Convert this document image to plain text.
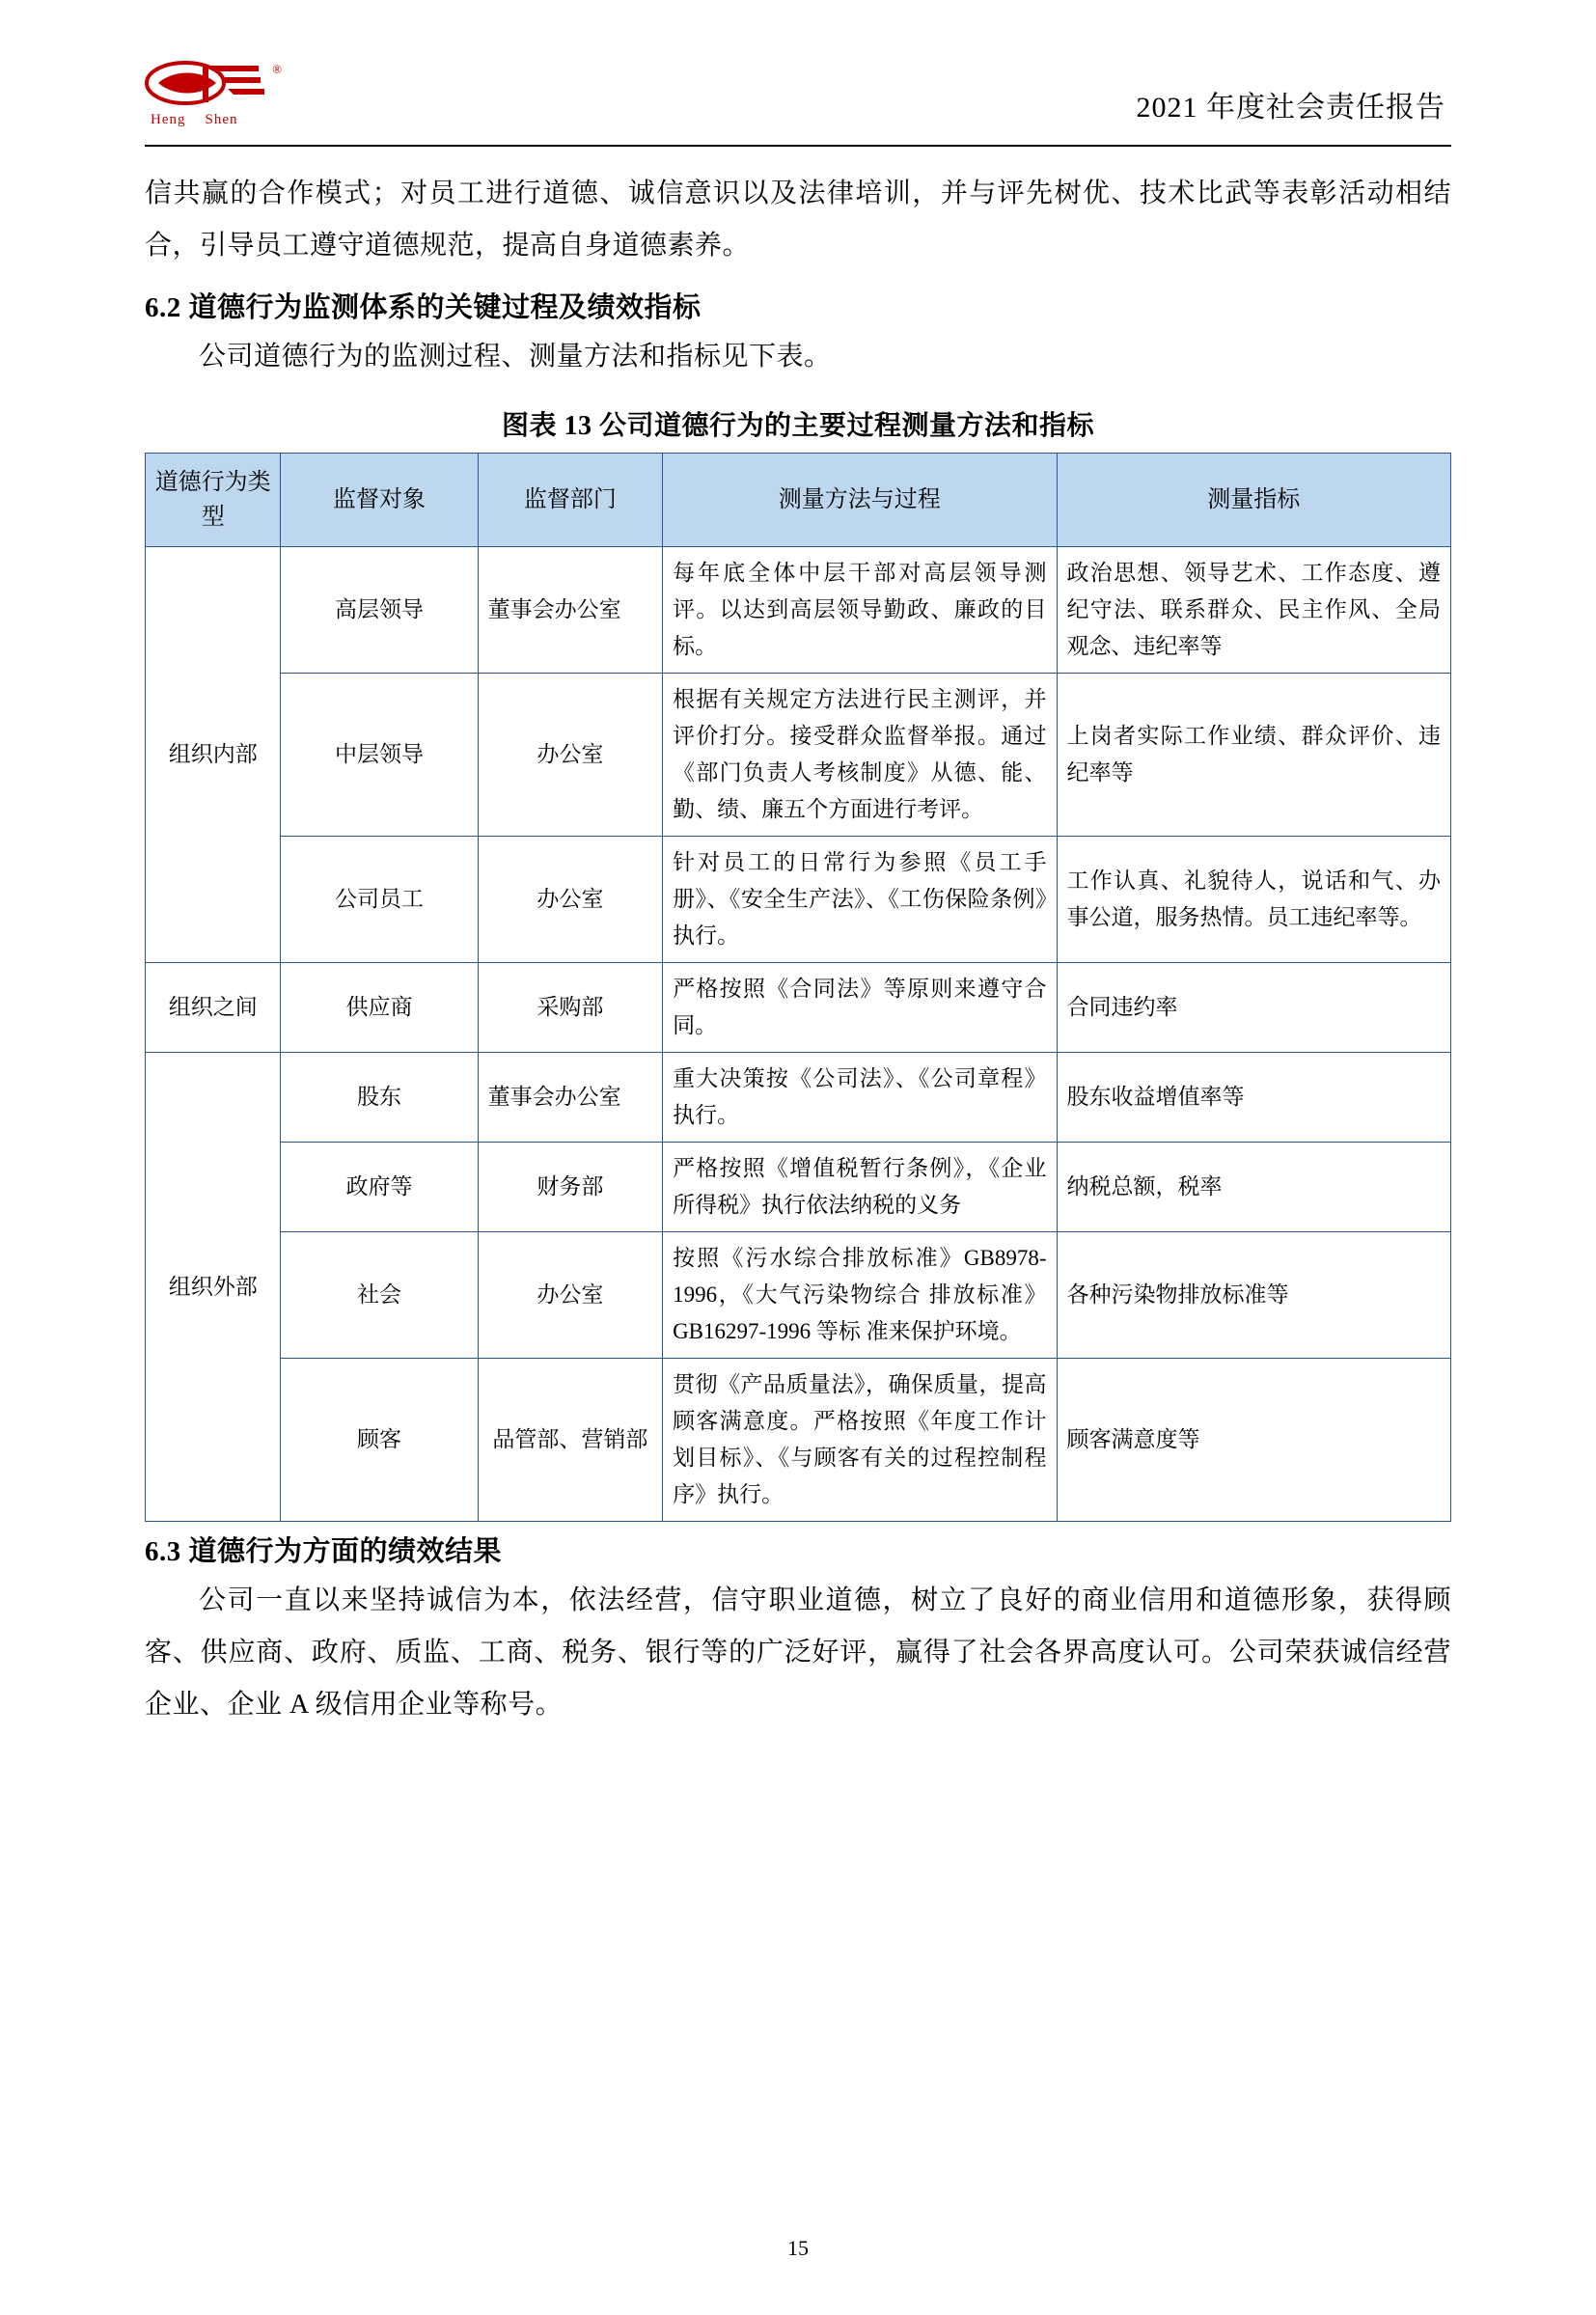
®
Heng Shen	2021 年度社会责任报告

信共赢的合作模式；对员工进行道德、诚信意识以及法律培训，并与评先树优、技术比武等表彰活动相结合，引导员工遵守道德规范，提高自身道德素养。

6.2 道德行为监测体系的关键过程及绩效指标

公司道德行为的监测过程、测量方法和指标见下表。

图表 13 公司道德行为的主要过程测量方法和指标
道德行为类型	监督对象	监督部门	测量方法与过程	测量指标
组织内部	高层领导	董事会办公室	每年底全体中层干部对高层领导测评。以达到高层领导勤政、廉政的目标。	政治思想、领导艺术、工作态度、遵纪守法、联系群众、民主作风、全局观念、违纪率等
	中层领导	办公室	根据有关规定方法进行民主测评，并评价打分。接受群众监督举报。通过《部门负责人考核制度》从德、能、勤、绩、廉五个方面进行考评。	上岗者实际工作业绩、群众评价、违纪率等
	公司员工	办公室	针对员工的日常行为参照《员工手册》、《安全生产法》、《工伤保险条例》执行。	工作认真、礼貌待人，说话和气、办事公道，服务热情。员工违纪率等。
组织之间	供应商	采购部	严格按照《合同法》等原则来遵守合同。	合同违约率
组织外部	股东	董事会办公室	重大决策按《公司法》、《公司章程》执行。	股东收益增值率等
	政府等	财务部	严格按照《增值税暂行条例》，《企业所得税》执行依法纳税的义务	纳税总额，税率
	社会	办公室	按照《污水综合排放标准》GB8978-1996，《大气污染物综合 排放标准》GB16297-1996 等标 准来保护环境。	各种污染物排放标准等
	顾客	品管部、营销部	贯彻《产品质量法》，确保质量，提高顾客满意度。严格按照《年度工作计划目标》、《与顾客有关的过程控制程序》执行。	顾客满意度等
6.3 道德行为方面的绩效结果

公司一直以来坚持诚信为本，依法经营，信守职业道德，树立了良好的商业信用和道德形象，获得顾客、供应商、政府、质监、工商、税务、银行等的广泛好评，赢得了社会各界高度认可。公司荣获诚信经营企业、企业 A 级信用企业等称号。

15
